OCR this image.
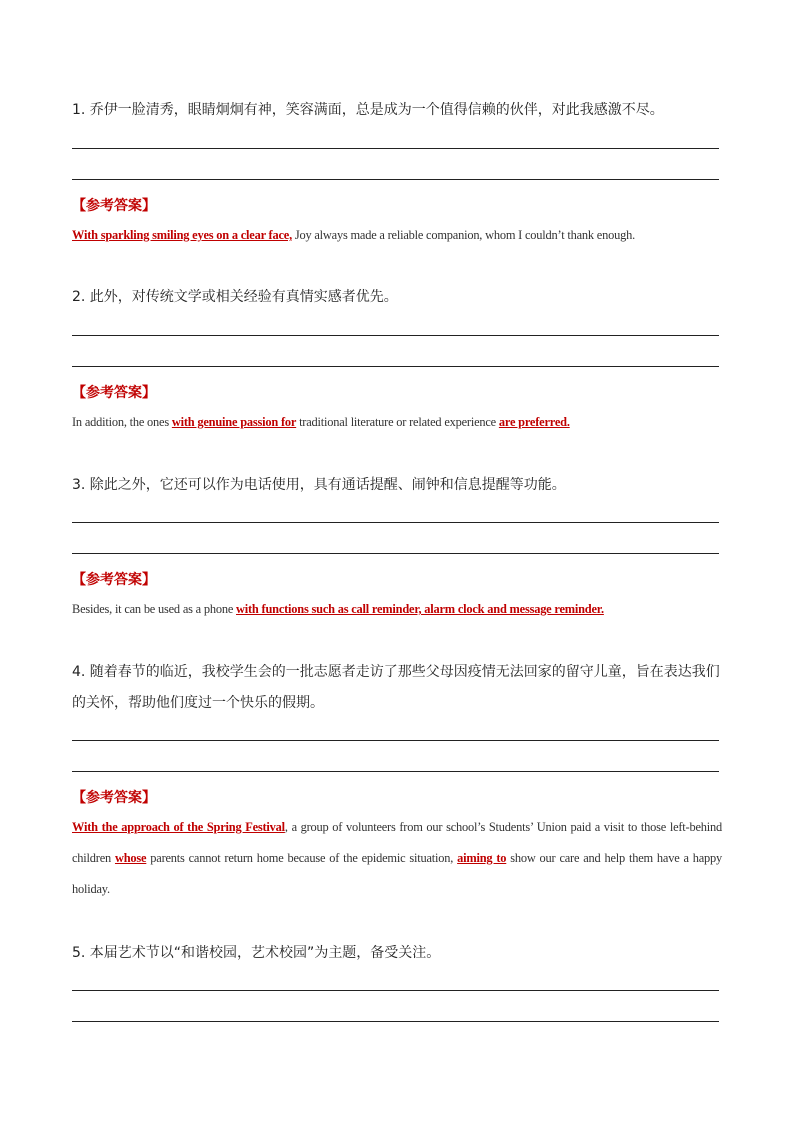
1. 乔伊一脸清秀，眼睛炯炯有神，笑容满面，总是成为一个值得信赖的伙伴，对此我感激不尽。
【参考答案】
With sparkling smiling eyes on a clear face, Joy always made a reliable companion, whom I couldn’t thank enough.
2. 此外，对传统文学或相关经验有真情实感者优先。
【参考答案】
In addition, the ones with genuine passion for traditional literature or related experience are preferred.
3. 除此之外，它还可以作为电话使用，具有通话提醒、闹钟和信息提醒等功能。
【参考答案】
Besides, it can be used as a phone with functions such as call reminder, alarm clock and message reminder.
4. 随着春节的临近，我校学生会的一批志愿者走访了那些父母因疫情无法回家的留守儿童，旨在表达我们的关怀，帮助他们度过一个快乐的假期。
【参考答案】
With the approach of the Spring Festival, a group of volunteers from our school’s Students’ Union paid a visit to those left-behind children whose parents cannot return home because of the epidemic situation, aiming to show our care and help them have a happy holiday.
5. 本届艺术节以“和谐校园，艺术校园”为主题，备受关注。
